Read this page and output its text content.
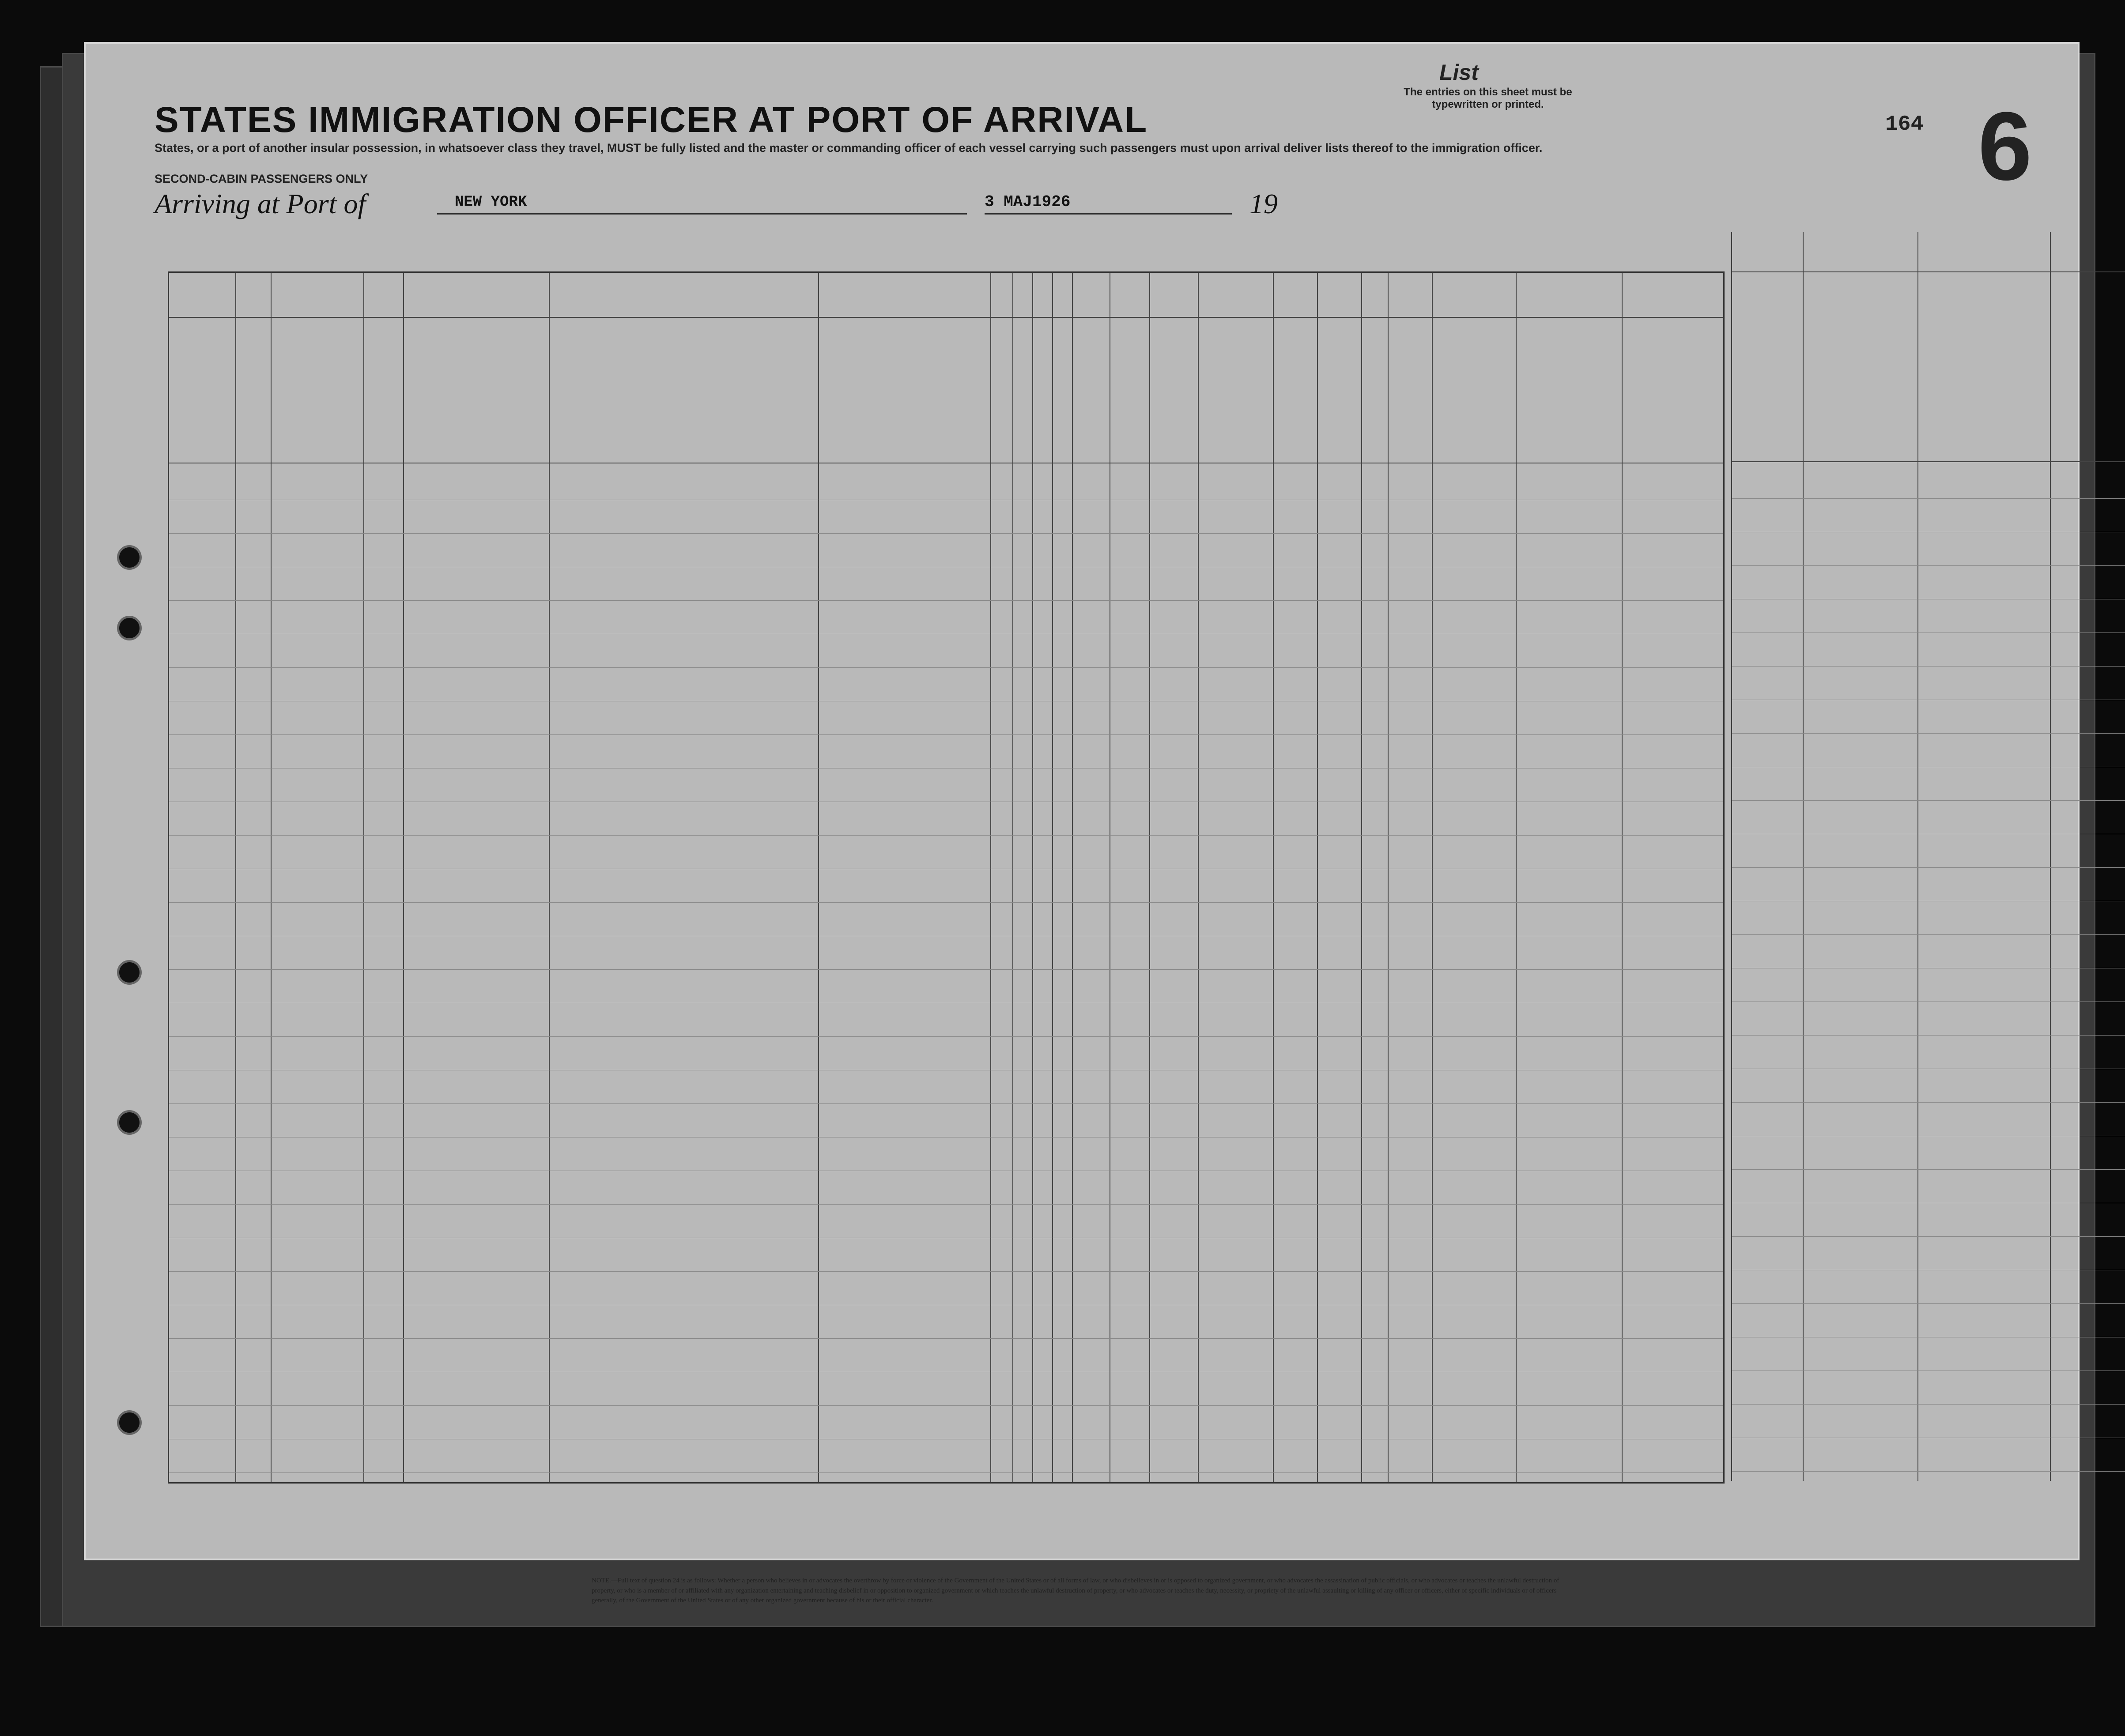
STATES IMMIGRATION OFFICER AT PORT OF ARRIVAL
States, or a port of another insular possession, in whatsoever class they travel, MUST be fully listed and the master or commanding officer of each vessel carrying such passengers must upon arrival deliver lists thereof to the immigration officer.
SECOND-CABIN PASSENGERS ONLY
List
The entries on this sheet must be typewritten or printed.
164 6
Arriving at Port of	NEW YORK	3 MAJ1926	19
NOTE.—Full text of question 24 is as follows: Whether a person who believes in or advocates the overthrow by force or violence of the Government of the United States or of all forms of law, or who disbelieves in or is opposed to organized government, or who advocates the assassination of public officials, or who advocates or teaches the unlawful destruction of property, or who is a member of or affiliated with any organization entertaining and teaching disbelief in or opposition to organized government or which teaches the unlawful destruction of property, or who advocates or teaches the duty, necessity, or propriety of the unlawful assaulting or killing of any officer or officers, either of specific individuals or of officers generally, of the Government of the United States or of any other organized government because of his or their official character.
